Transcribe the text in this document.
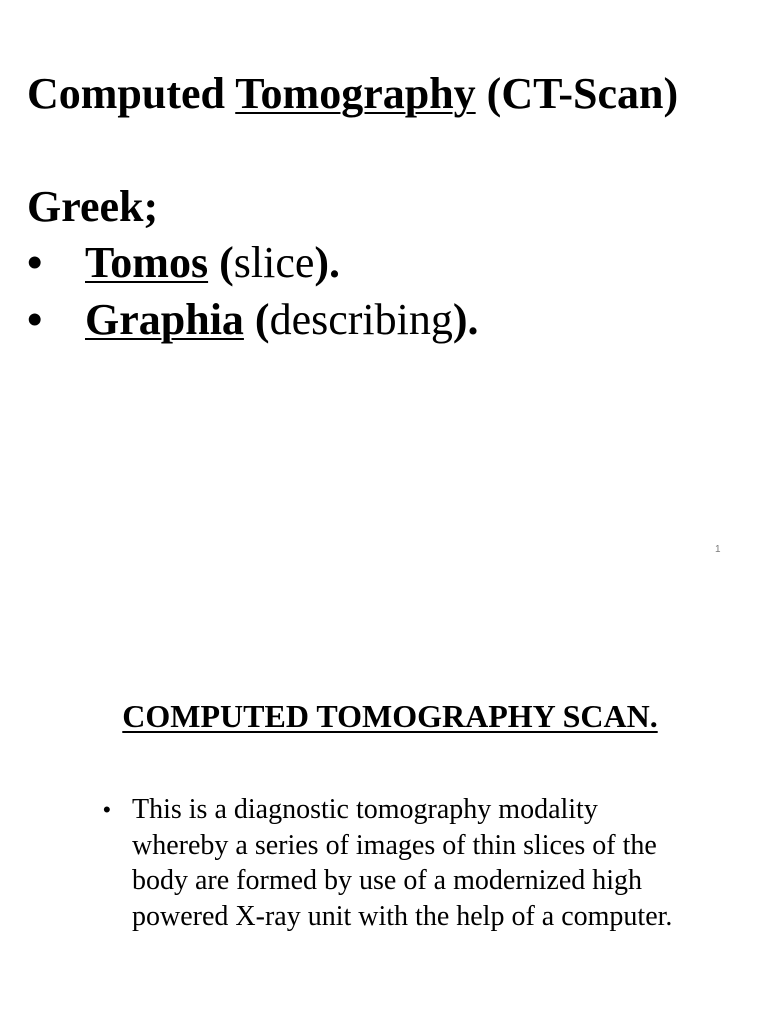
Computed Tomography (CT-Scan)
Greek;
• Tomos (slice).
• Graphia (describing).
1
COMPUTED TOMOGRAPHY SCAN.
• This is a diagnostic tomography modality whereby a series of images of thin slices of the body are formed by use of a modernized high powered X-ray unit with the help of a computer.
